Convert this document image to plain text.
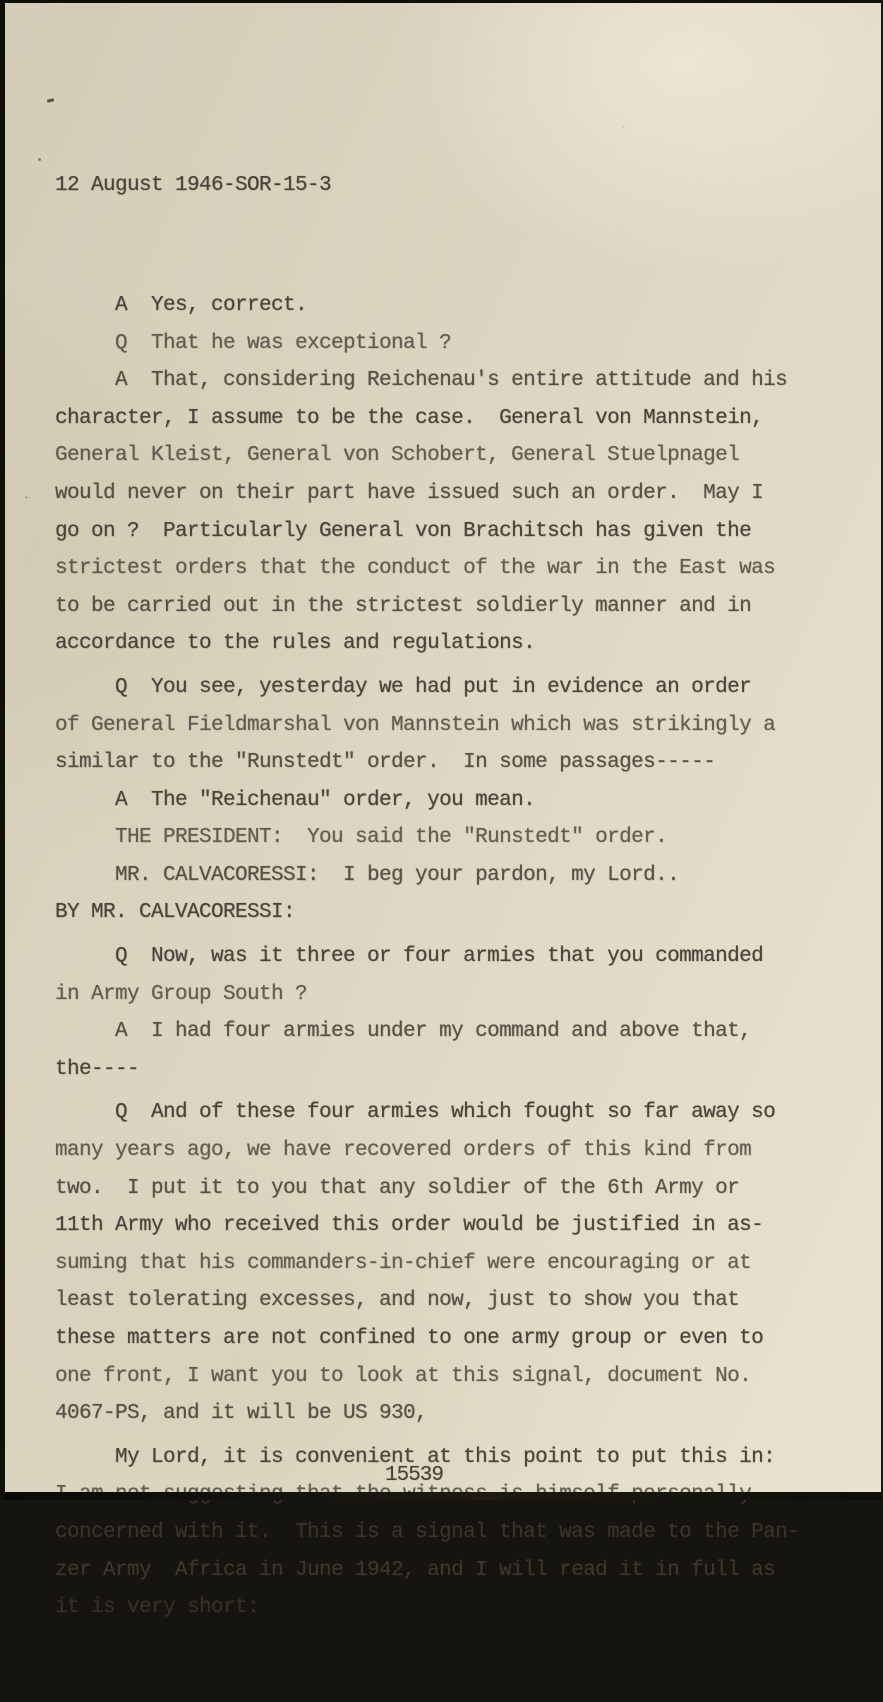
12 August 1946-SOR-15-3

A  Yes, correct.
Q  That he was exceptional ?
A  That, considering Reichenau's entire attitude and his
character, I assume to be the case.  General von Mannstein,
General Kleist, General von Schobert, General Stuelpnagel
would never on their part have issued such an order.  May I
go on ?  Particularly General von Brachitsch has given the
strictest orders that the conduct of the war in the East was
to be carried out in the strictest soldierly manner and in
accordance to the rules and regulations.
Q  You see, yesterday we had put in evidence an order
of General Fieldmarshal von Mannstein which was strikingly a
similar to the "Runstedt" order.  In some passages-----
A  The "Reichenau" order, you mean.
THE PRESIDENT:  You said the "Runstedt" order.
MR. CALVACORESSI:  I beg your pardon, my Lord..
BY MR. CALVACORESSI:
Q  Now, was it three or four armies that you commanded
in Army Group South ?
A  I had four armies under my command and above that,
the----
Q  And of these four armies which fought so far away so
many years ago, we have recovered orders of this kind from
two.  I put it to you that any soldier of the 6th Army or
11th Army who received this order would be justified in as-
suming that his commanders-in-chief were encouraging or at
least tolerating excesses, and now, just to show you that
these matters are not confined to one army group or even to
one front, I want you to look at this signal, document No.
4067-PS, and it will be US 930,
My Lord, it is convenient at this point to put this in:
concerned with it.  This is a signal that was made to the Pan-
zer Army  Africa in June 1942, and I will read it in full as
it is very short:

15539
